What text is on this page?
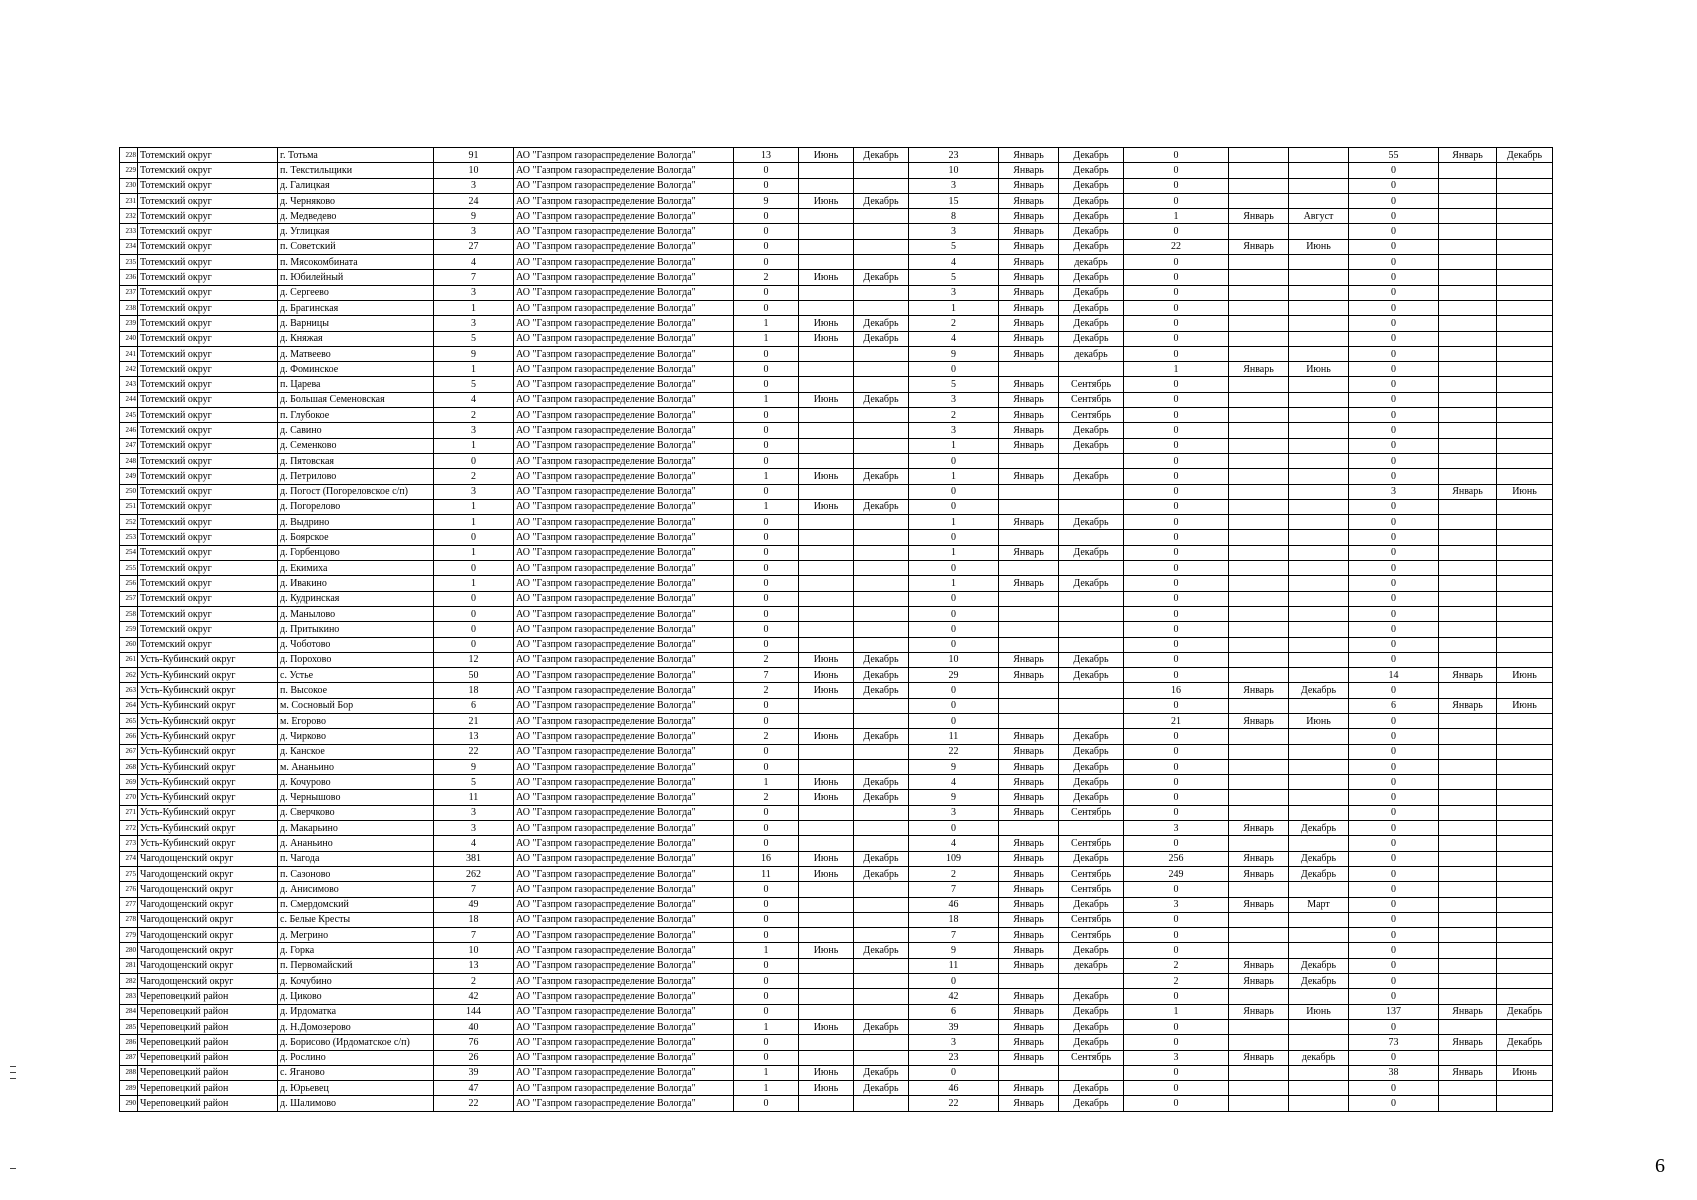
228	Тотемский округ	г. Тотьма	91	АО "Газпром газораспределение Вологда"	13	Июнь	Декабрь	23	Январь	Декабрь	0			55	Январь	Декабрь
229	Тотемский округ	п. Текстильщики	10	АО "Газпром газораспределение Вологда"	0			10	Январь	Декабрь	0			0		
230	Тотемский округ	д. Галицкая	3	АО "Газпром газораспределение Вологда"	0			3	Январь	Декабрь	0			0		
231	Тотемский округ	д. Черняково	24	АО "Газпром газораспределение Вологда"	9	Июнь	Декабрь	15	Январь	Декабрь	0			0		
232	Тотемский округ	д. Медведево	9	АО "Газпром газораспределение Вологда"	0			8	Январь	Декабрь	1	Январь	Август	0		
233	Тотемский округ	д. Углицкая	3	АО "Газпром газораспределение Вологда"	0			3	Январь	Декабрь	0			0		
234	Тотемский округ	п. Советский	27	АО "Газпром газораспределение Вологда"	0			5	Январь	Декабрь	22	Январь	Июнь	0		
235	Тотемский округ	п. Мясокомбината	4	АО "Газпром газораспределение Вологда"	0			4	Январь	декабрь	0			0		
236	Тотемский округ	п. Юбилейный	7	АО "Газпром газораспределение Вологда"	2	Июнь	Декабрь	5	Январь	Декабрь	0			0		
237	Тотемский округ	д. Сергеево	3	АО "Газпром газораспределение Вологда"	0			3	Январь	Декабрь	0			0		
238	Тотемский округ	д. Брагинская	1	АО "Газпром газораспределение Вологда"	0			1	Январь	Декабрь	0			0		
239	Тотемский округ	д. Варницы	3	АО "Газпром газораспределение Вологда"	1	Июнь	Декабрь	2	Январь	Декабрь	0			0		
240	Тотемский округ	д. Княжая	5	АО "Газпром газораспределение Вологда"	1	Июнь	Декабрь	4	Январь	Декабрь	0			0		
241	Тотемский округ	д. Матвеево	9	АО "Газпром газораспределение Вологда"	0			9	Январь	декабрь	0			0		
242	Тотемский округ	д. Фоминское	1	АО "Газпром газораспределение Вологда"	0			0			1	Январь	Июнь	0		
243	Тотемский округ	п. Царева	5	АО "Газпром газораспределение Вологда"	0			5	Январь	Сентябрь	0			0		
244	Тотемский округ	д. Большая Семеновская	4	АО "Газпром газораспределение Вологда"	1	Июнь	Декабрь	3	Январь	Сентябрь	0			0		
245	Тотемский округ	п. Глубокое	2	АО "Газпром газораспределение Вологда"	0			2	Январь	Сентябрь	0			0		
246	Тотемский округ	д. Савино	3	АО "Газпром газораспределение Вологда"	0			3	Январь	Декабрь	0			0		
247	Тотемский округ	д. Семенково	1	АО "Газпром газораспределение Вологда"	0			1	Январь	Декабрь	0			0		
248	Тотемский округ	д. Пятовская	0	АО "Газпром газораспределение Вологда"	0			0			0			0		
249	Тотемский округ	д. Петрилово	2	АО "Газпром газораспределение Вологда"	1	Июнь	Декабрь	1	Январь	Декабрь	0			0		
250	Тотемский округ	д. Погост (Погореловское с/п)	3	АО "Газпром газораспределение Вологда"	0			0			0			3	Январь	Июнь
251	Тотемский округ	д. Погорелово	1	АО "Газпром газораспределение Вологда"	1	Июнь	Декабрь	0			0			0		
252	Тотемский округ	д. Выдрино	1	АО "Газпром газораспределение Вологда"	0			1	Январь	Декабрь	0			0		
253	Тотемский округ	д. Боярское	0	АО "Газпром газораспределение Вологда"	0			0			0			0		
254	Тотемский округ	д. Горбенцово	1	АО "Газпром газораспределение Вологда"	0			1	Январь	Декабрь	0			0		
255	Тотемский округ	д. Екимиха	0	АО "Газпром газораспределение Вологда"	0			0			0			0		
256	Тотемский округ	д. Ивакино	1	АО "Газпром газораспределение Вологда"	0			1	Январь	Декабрь	0			0		
257	Тотемский округ	д. Кудринская	0	АО "Газпром газораспределение Вологда"	0			0			0			0		
258	Тотемский округ	д. Манылово	0	АО "Газпром газораспределение Вологда"	0			0			0			0		
259	Тотемский округ	д. Притыкино	0	АО "Газпром газораспределение Вологда"	0			0			0			0		
260	Тотемский округ	д. Чоботово	0	АО "Газпром газораспределение Вологда"	0			0			0			0		
261	Усть-Кубинский округ	д. Порохово	12	АО "Газпром газораспределение Вологда"	2	Июнь	Декабрь	10	Январь	Декабрь	0			0		
262	Усть-Кубинский округ	с. Устье	50	АО "Газпром газораспределение Вологда"	7	Июнь	Декабрь	29	Январь	Декабрь	0			14	Январь	Июнь
263	Усть-Кубинский округ	п. Высокое	18	АО "Газпром газораспределение Вологда"	2	Июнь	Декабрь	0			16	Январь	Декабрь	0		
264	Усть-Кубинский округ	м. Сосновый Бор	6	АО "Газпром газораспределение Вологда"	0			0			0			6	Январь	Июнь
265	Усть-Кубинский округ	м. Егорово	21	АО "Газпром газораспределение Вологда"	0			0			21	Январь	Июнь	0		
266	Усть-Кубинский округ	д. Чирково	13	АО "Газпром газораспределение Вологда"	2	Июнь	Декабрь	11	Январь	Декабрь	0			0		
267	Усть-Кубинский округ	д. Канское	22	АО "Газпром газораспределение Вологда"	0			22	Январь	Декабрь	0			0		
268	Усть-Кубинский округ	м. Ананьино	9	АО "Газпром газораспределение Вологда"	0			9	Январь	Декабрь	0			0		
269	Усть-Кубинский округ	д. Кочурово	5	АО "Газпром газораспределение Вологда"	1	Июнь	Декабрь	4	Январь	Декабрь	0			0		
270	Усть-Кубинский округ	д. Чернышово	11	АО "Газпром газораспределение Вологда"	2	Июнь	Декабрь	9	Январь	Декабрь	0			0		
271	Усть-Кубинский округ	д. Сверчково	3	АО "Газпром газораспределение Вологда"	0			3	Январь	Сентябрь	0			0		
272	Усть-Кубинский округ	д. Макарьино	3	АО "Газпром газораспределение Вологда"	0			0			3	Январь	Декабрь	0		
273	Усть-Кубинский округ	д. Ананьино	4	АО "Газпром газораспределение Вологда"	0			4	Январь	Сентябрь	0			0		
274	Чагодощенский округ	п. Чагода	381	АО "Газпром газораспределение Вологда"	16	Июнь	Декабрь	109	Январь	Декабрь	256	Январь	Декабрь	0		
275	Чагодощенский округ	п. Сазоново	262	АО "Газпром газораспределение Вологда"	11	Июнь	Декабрь	2	Январь	Сентябрь	249	Январь	Декабрь	0		
276	Чагодощенский округ	д. Анисимово	7	АО "Газпром газораспределение Вологда"	0			7	Январь	Сентябрь	0			0		
277	Чагодощенский округ	п. Смердомский	49	АО "Газпром газораспределение Вологда"	0			46	Январь	Декабрь	3	Январь	Март	0		
278	Чагодощенский округ	с. Белые Кресты	18	АО "Газпром газораспределение Вологда"	0			18	Январь	Сентябрь	0			0		
279	Чагодощенский округ	д. Мегрино	7	АО "Газпром газораспределение Вологда"	0			7	Январь	Сентябрь	0			0		
280	Чагодощенский округ	д. Горка	10	АО "Газпром газораспределение Вологда"	1	Июнь	Декабрь	9	Январь	Декабрь	0			0		
281	Чагодощенский округ	п. Первомайский	13	АО "Газпром газораспределение Вологда"	0			11	Январь	декабрь	2	Январь	Декабрь	0		
282	Чагодощенский округ	д. Кочубино	2	АО "Газпром газораспределение Вологда"	0			0			2	Январь	Декабрь	0		
283	Череповецкий район	д. Циково	42	АО "Газпром газораспределение Вологда"	0			42	Январь	Декабрь	0			0		
284	Череповецкий район	д. Ирдоматка	144	АО "Газпром газораспределение Вологда"	0			6	Январь	Декабрь	1	Январь	Июнь	137	Январь	Декабрь
285	Череповецкий район	д. Н.Домозерово	40	АО "Газпром газораспределение Вологда"	1	Июнь	Декабрь	39	Январь	Декабрь	0			0		
286	Череповецкий район	д. Борисово (Ирдоматское с/п)	76	АО "Газпром газораспределение Вологда"	0			3	Январь	Декабрь	0			73	Январь	Декабрь
287	Череповецкий район	д. Рослино	26	АО "Газпром газораспределение Вологда"	0			23	Январь	Сентябрь	3	Январь	декабрь	0		
288	Череповецкий район	с. Ягановo	39	АО "Газпром газораспределение Вологда"	1	Июнь	Декабрь	0			0			38	Январь	Июнь
289	Череповецкий район	д. Юрьевец	47	АО "Газпром газораспределение Вологда"	1	Июнь	Декабрь	46	Январь	Декабрь	0			0		
290	Череповецкий район	д. Шалимово	22	АО "Газпром газораспределение Вологда"	0			22	Январь	Декабрь	0			0		
6
